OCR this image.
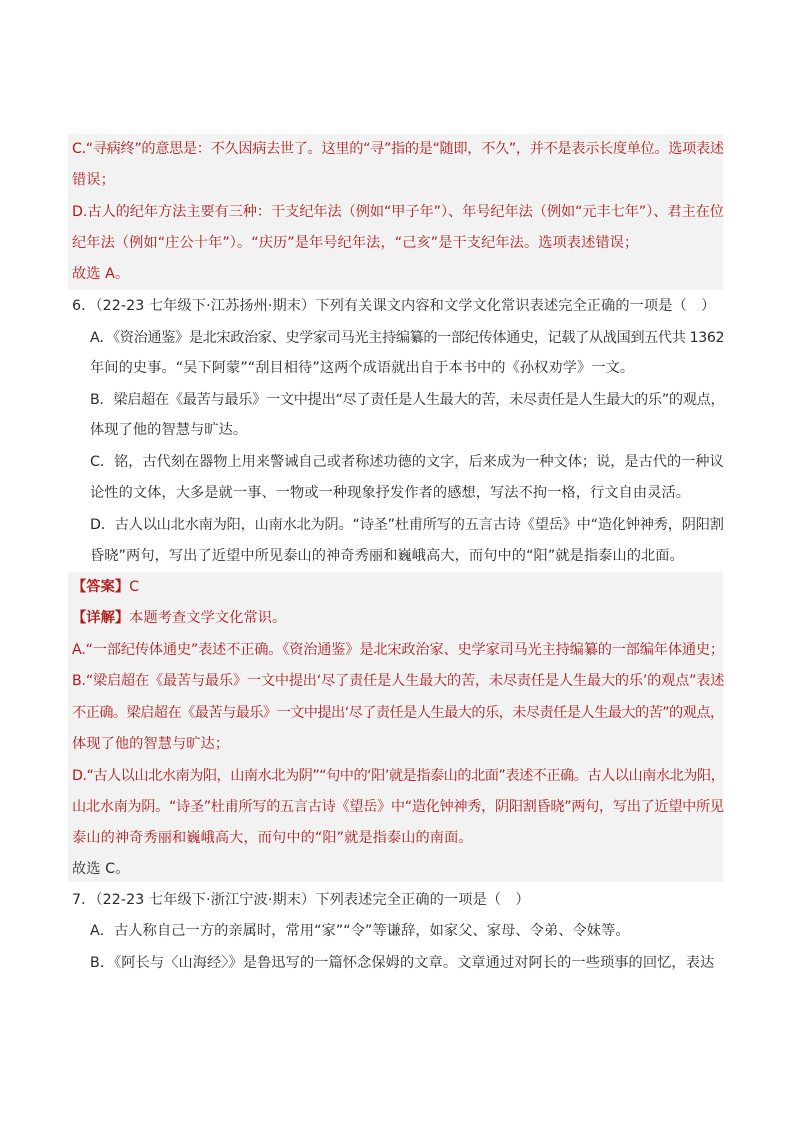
C.“寻病终”的意思是：不久因病去世了。这里的“寻”指的是“随即，不久”，并不是表示长度单位。选项表述
错误；
D.古人的纪年方法主要有三种：干支纪年法（例如“甲子年”）、年号纪年法（例如“元丰七年”）、君主在位
纪年法（例如“庄公十年”）。“庆历”是年号纪年法，“己亥”是干支纪年法。选项表述错误；
故选 A。
6．（22-23 七年级下·江苏扬州·期末）下列有关课文内容和文学文化常识表述完全正确的一项是（　）
A．《资治通鉴》是北宋政治家、史学家司马光主持编纂的一部纪传体通史，记载了从战国到五代共 1362
年间的史事。“吴下阿蒙”“刮目相待”这两个成语就出自于本书中的《孙权劝学》一文。
B．梁启超在《最苦与最乐》一文中提出“尽了责任是人生最大的苦，未尽责任是人生最大的乐”的观点，
体现了他的智慧与旷达。
C．铭，古代刻在器物上用来警诫自己或者称述功德的文字，后来成为一种文体；说，是古代的一种议
论性的文体，大多是就一事、一物或一种现象抒发作者的感想，写法不拘一格，行文自由灵活。
D．古人以山北水南为阳，山南水北为阴。“诗圣”杜甫所写的五言古诗《望岳》中“造化钟神秀，阴阳割
昏晓”两句，写出了近望中所见泰山的神奇秀丽和巍峨高大，而句中的“阳”就是指泰山的北面。
【答案】C
【详解】本题考查文学文化常识。
A.“一部纪传体通史”表述不正确。《资治通鉴》是北宋政治家、史学家司马光主持编纂的一部编年体通史；
B.“梁启超在《最苦与最乐》一文中提出‘尽了责任是人生最大的苦，未尽责任是人生最大的乐’的观点”表述
不正确。梁启超在《最苦与最乐》一文中提出‘尽了责任是人生最大的乐，未尽责任是人生最大的苦”的观点，
体现了他的智慧与旷达；
D.“古人以山北水南为阳，山南水北为阴”“句中的‘阳’就是指泰山的北面”表述不正确。古人以山南水北为阳，
山北水南为阴。“诗圣”杜甫所写的五言古诗《望岳》中“造化钟神秀，阴阳割昏晓”两句，写出了近望中所见
泰山的神奇秀丽和巍峨高大，而句中的“阳”就是指泰山的南面。
故选 C。
7．（22-23 七年级下·浙江宁波·期末）下列表述完全正确的一项是（　）
A．古人称自己一方的亲属时，常用“家”“令”等谦辞，如家父、家母、令弟、令妹等。
B．《阿长与〈山海经〉》是鲁迅写的一篇怀念保姆的文章。文章通过对阿长的一些琐事的回忆，表达
